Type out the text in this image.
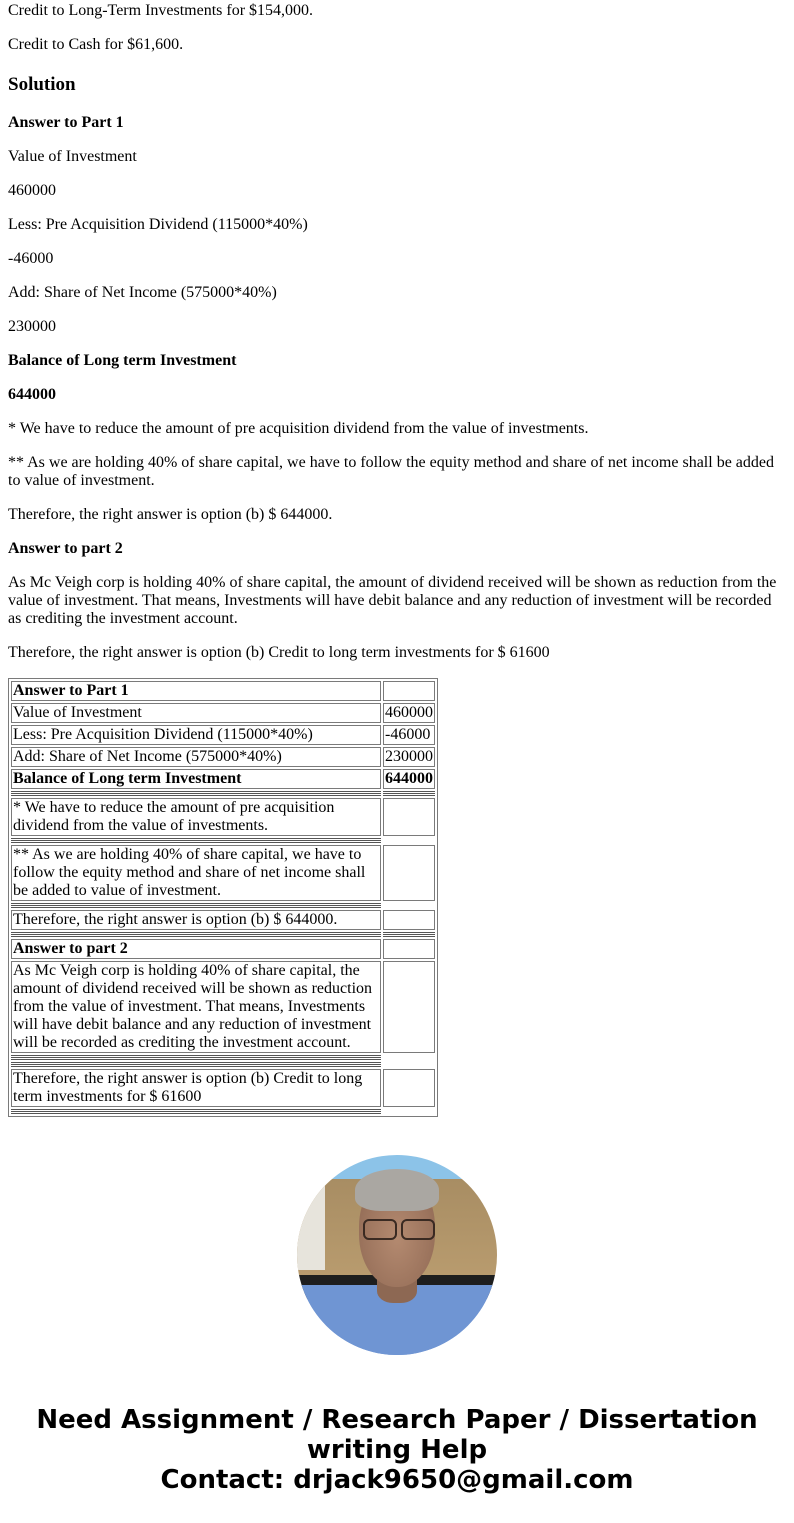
Credit to Long-Term Investments for $154,000.

Credit to Cash for $61,600.

Solution

Answer to Part 1

Value of Investment

460000

Less: Pre Acquisition Dividend (115000*40%)

-46000

Add: Share of Net Income (575000*40%)

230000

Balance of Long term Investment

644000

* We have to reduce the amount of pre acquisition dividend from the value of investments.

** As we are holding 40% of share capital, we have to follow the equity method and share of net income shall be added to value of investment.

Therefore, the right answer is option (b) $ 644000.

Answer to part 2

As Mc Veigh corp is holding 40% of share capital, the amount of dividend received will be shown as reduction from the value of investment. That means, Investments will have debit balance and any reduction of investment will be recorded as crediting the investment account.

Therefore, the right answer is option (b) Credit to long term investments for $ 61600

Answer to Part 1	
Value of Investment	460000
Less: Pre Acquisition Dividend (115000*40%)	-46000
Add: Share of Net Income (575000*40%)	230000
Balance of Long term Investment	644000

* We have to reduce the amount of pre acquisition dividend from the value of investments.	

** As we are holding 40% of share capital, we have to follow the equity method and share of net income shall be added to value of investment.	

Therefore, the right answer is option (b) $ 644000.	

Answer to part 2	
As Mc Veigh corp is holding 40% of share capital, the amount of dividend received will be shown as reduction from the value of investment. That means, Investments will have debit balance and any reduction of investment will be recorded as crediting the investment account.	

Therefore, the right answer is option (b) Credit to long term investments for $ 61600	

Need Assignment / Research Paper / Dissertation writing Help
Contact: drjack9650@gmail.com
